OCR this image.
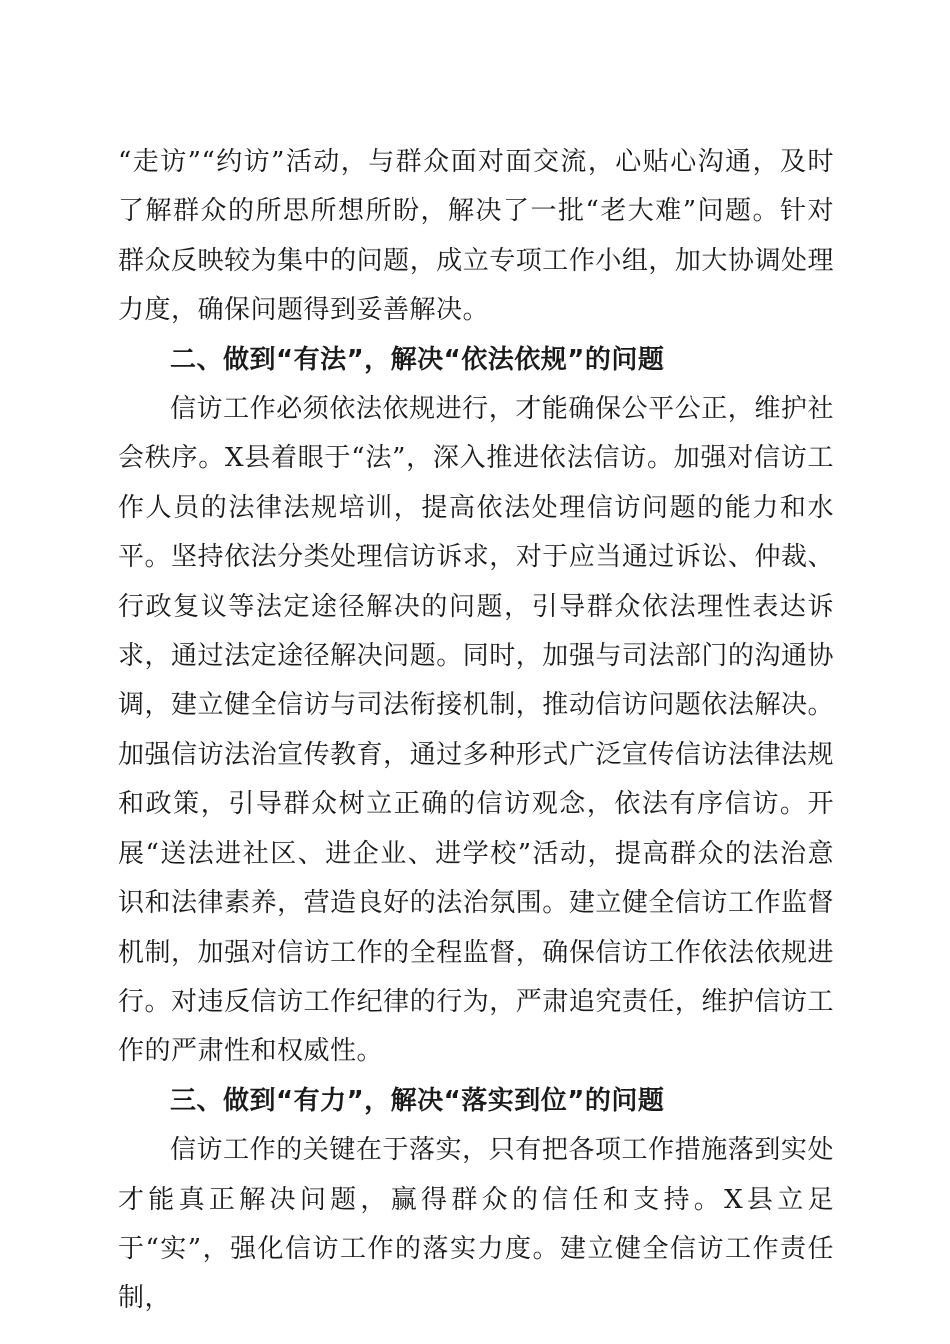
“走访”“约访”活动，与群众面对面交流，心贴心沟通，及时了解群众的所思所想所盼，解决了一批“老大难”问题。针对群众反映较为集中的问题，成立专项工作小组，加大协调处理力度，确保问题得到妥善解决。

二、做到“有法”，解决“依法依规”的问题

信访工作必须依法依规进行，才能确保公平公正，维护社会秩序。X县着眼于“法”，深入推进依法信访。加强对信访工作人员的法律法规培训，提高依法处理信访问题的能力和水平。坚持依法分类处理信访诉求，对于应当通过诉讼、仲裁、行政复议等法定途径解决的问题，引导群众依法理性表达诉求，通过法定途径解决问题。同时，加强与司法部门的沟通协调，建立健全信访与司法衔接机制，推动信访问题依法解决。加强信访法治宣传教育，通过多种形式广泛宣传信访法律法规和政策，引导群众树立正确的信访观念，依法有序信访。开展“送法进社区、进企业、进学校”活动，提高群众的法治意识和法律素养，营造良好的法治氛围。建立健全信访工作监督机制，加强对信访工作的全程监督，确保信访工作依法依规进行。对违反信访工作纪律的行为，严肃追究责任，维护信访工作的严肃性和权威性。

三、做到“有力”，解决“落实到位”的问题

信访工作的关键在于落实，只有把各项工作措施落到实处才能真正解决问题，赢得群众的信任和支持。X县立足于“实”，强化信访工作的落实力度。建立健全信访工作责任制，
